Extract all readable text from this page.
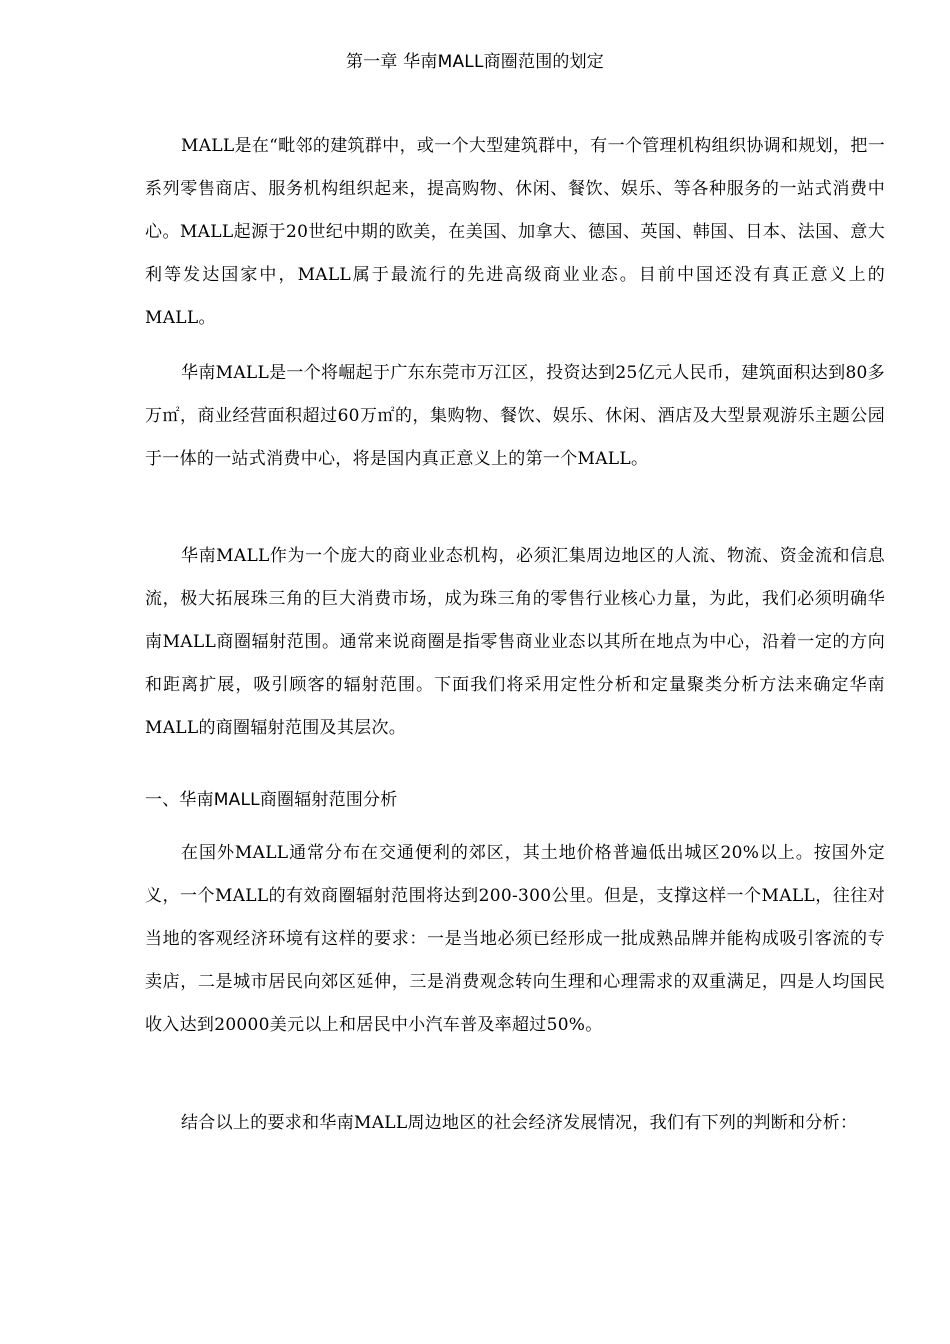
第一章 华南MALL商圈范围的划定

MALL是在“毗邻的建筑群中，或一个大型建筑群中，有一个管理机构组织协调和规划，把一系列零售商店、服务机构组织起来，提高购物、休闲、餐饮、娱乐、等各种服务的一站式消费中心。MALL起源于20世纪中期的欧美，在美国、加拿大、德国、英国、韩国、日本、法国、意大利等发达国家中，MALL属于最流行的先进高级商业业态。目前中国还没有真正意义上的MALL。

华南MALL是一个将崛起于广东东莞市万江区，投资达到25亿元人民币，建筑面积达到80多万㎡，商业经营面积超过60万㎡的，集购物、餐饮、娱乐、休闲、酒店及大型景观游乐主题公园于一体的一站式消费中心，将是国内真正意义上的第一个MALL。

华南MALL作为一个庞大的商业业态机构，必须汇集周边地区的人流、物流、资金流和信息流，极大拓展珠三角的巨大消费市场，成为珠三角的零售行业核心力量，为此，我们必须明确华南MALL商圈辐射范围。通常来说商圈是指零售商业业态以其所在地点为中心，沿着一定的方向和距离扩展，吸引顾客的辐射范围。下面我们将采用定性分析和定量聚类分析方法来确定华南MALL的商圈辐射范围及其层次。

一、华南MALL商圈辐射范围分析

在国外MALL通常分布在交通便利的郊区，其土地价格普遍低出城区20%以上。按国外定义，一个MALL的有效商圈辐射范围将达到200-300公里。但是，支撑这样一个MALL，往往对当地的客观经济环境有这样的要求：一是当地必须已经形成一批成熟品牌并能构成吸引客流的专卖店，二是城市居民向郊区延伸，三是消费观念转向生理和心理需求的双重满足，四是人均国民收入达到20000美元以上和居民中小汽车普及率超过50%。

结合以上的要求和华南MALL周边地区的社会经济发展情况，我们有下列的判断和分析：
